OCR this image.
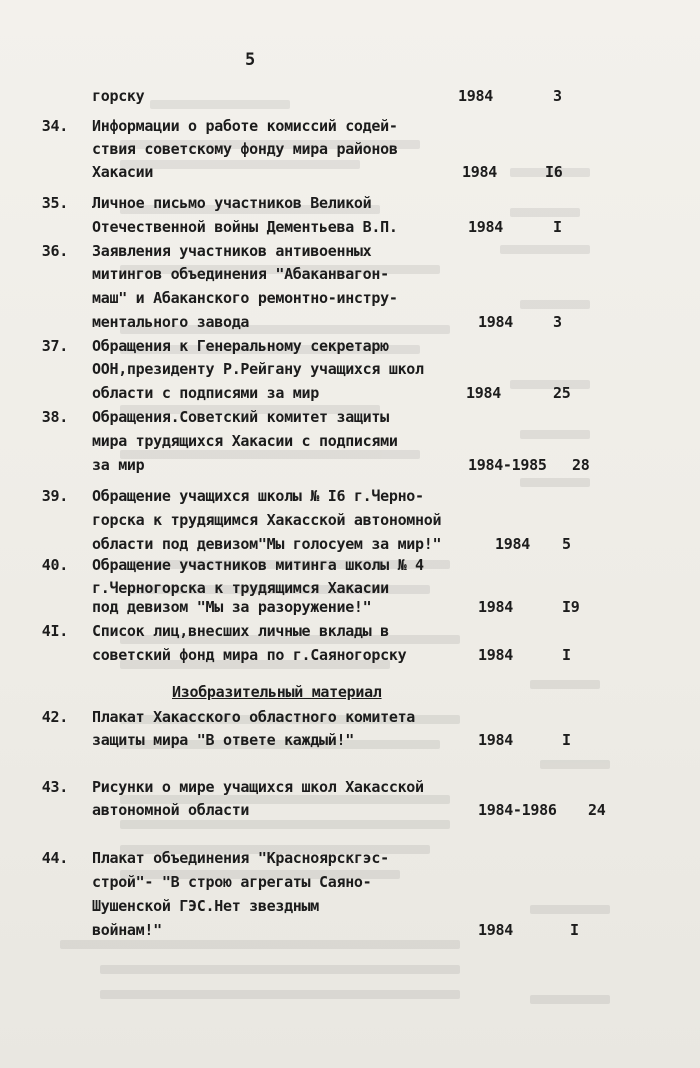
5
горску	1984	3
34. Информации о работе комиссий содей-
ствия советскому фонду мира районов
Хакасии	1984	I6
35. Личное письмо участников Великой
Отечественной войны Дементьева В.П.	1984	I
36. Заявления участников антивоенных
митингов объединения "Абаканвагон-
маш" и Абаканского ремонтно-инстру-
ментального завода	1984	3
37. Обращения к Генеральному секретарю
ООН,президенту Р.Рейгану учащихся школ
области с подписями за мир	1984	25
38. Обращения.Советский комитет защиты
мира трудящихся Хакасии с подписями
за мир	1984-1985 28
39. Обращение учащихся школы № I6 г.Черно-
горска к трудящимся Хакасской автономной
области под девизом"Мы голосуем за мир!"	1984 5
40. Обращение участников митинга школы № 4
г.Черногорска к трудящимся Хакасии
под девизом "Мы за разоружение!"	1984	I9
4I. Список лиц,внесших личные вклады в
советский фонд мира по г.Саяногорску	1984	I
Изобразительный материал
42. Плакат Хакасского областного комитета
защиты мира "В ответе каждый!"	1984	I
43. Рисунки о мире учащихся школ Хакасской
автономной области	1984-1986 24
44. Плакат объединения "Красноярскгэс-
строй"- "В строю агрегаты Саяно-
Шушенской ГЭС.Нет звездным
войнам!"	1984	I
